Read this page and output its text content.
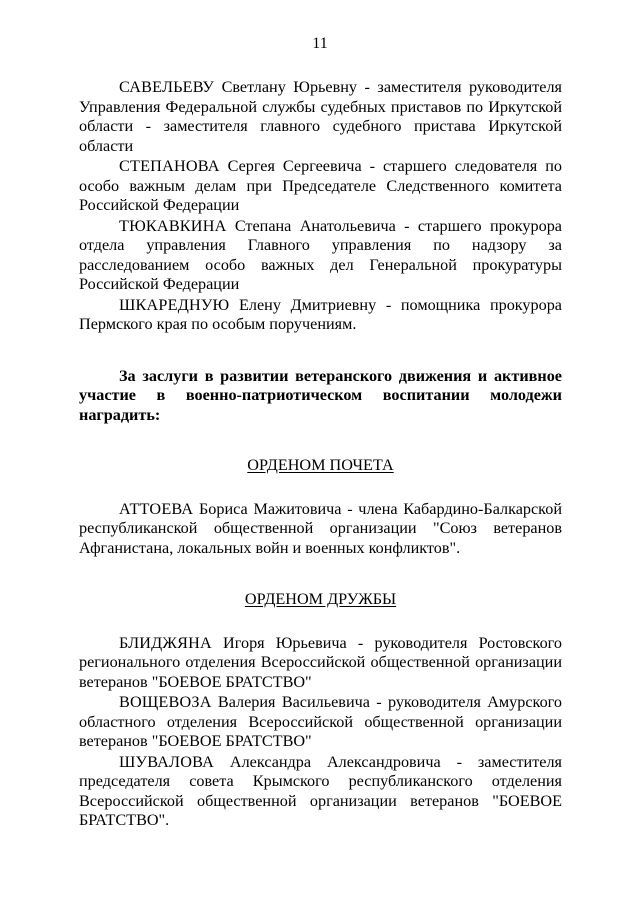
11

САВЕЛЬЕВУ Светлану Юрьевну - заместителя руководителя Управления Федеральной службы судебных приставов по Иркутской области - заместителя главного судебного пристава Иркутской области

СТЕПАНОВА Сергея Сергеевича - старшего следователя по особо важным делам при Председателе Следственного комитета Российской Федерации

ТЮКАВКИНА Степана Анатольевича - старшего прокурора отдела управления Главного управления по надзору за расследованием особо важных дел Генеральной прокуратуры Российской Федерации

ШКАРЕДНУЮ Елену Дмитриевну - помощника прокурора Пермского края по особым поручениям.

За заслуги в развитии ветеранского движения и активное участие в военно-патриотическом воспитании молодежи наградить:

ОРДЕНОМ ПОЧЕТА

АТТОЕВА Бориса Мажитовича - члена Кабардино-Балкарской республиканской общественной организации "Союз ветеранов Афганистана, локальных войн и военных конфликтов".

ОРДЕНОМ ДРУЖБЫ

БЛИДЖЯНА Игоря Юрьевича - руководителя Ростовского регионального отделения Всероссийской общественной организации ветеранов "БОЕВОЕ БРАТСТВО"

ВОЩЕВОЗА Валерия Васильевича - руководителя Амурского областного отделения Всероссийской общественной организации ветеранов "БОЕВОЕ БРАТСТВО"

ШУВАЛОВА Александра Александровича - заместителя председателя совета Крымского республиканского отделения Всероссийской общественной организации ветеранов "БОЕВОЕ БРАТСТВО".
